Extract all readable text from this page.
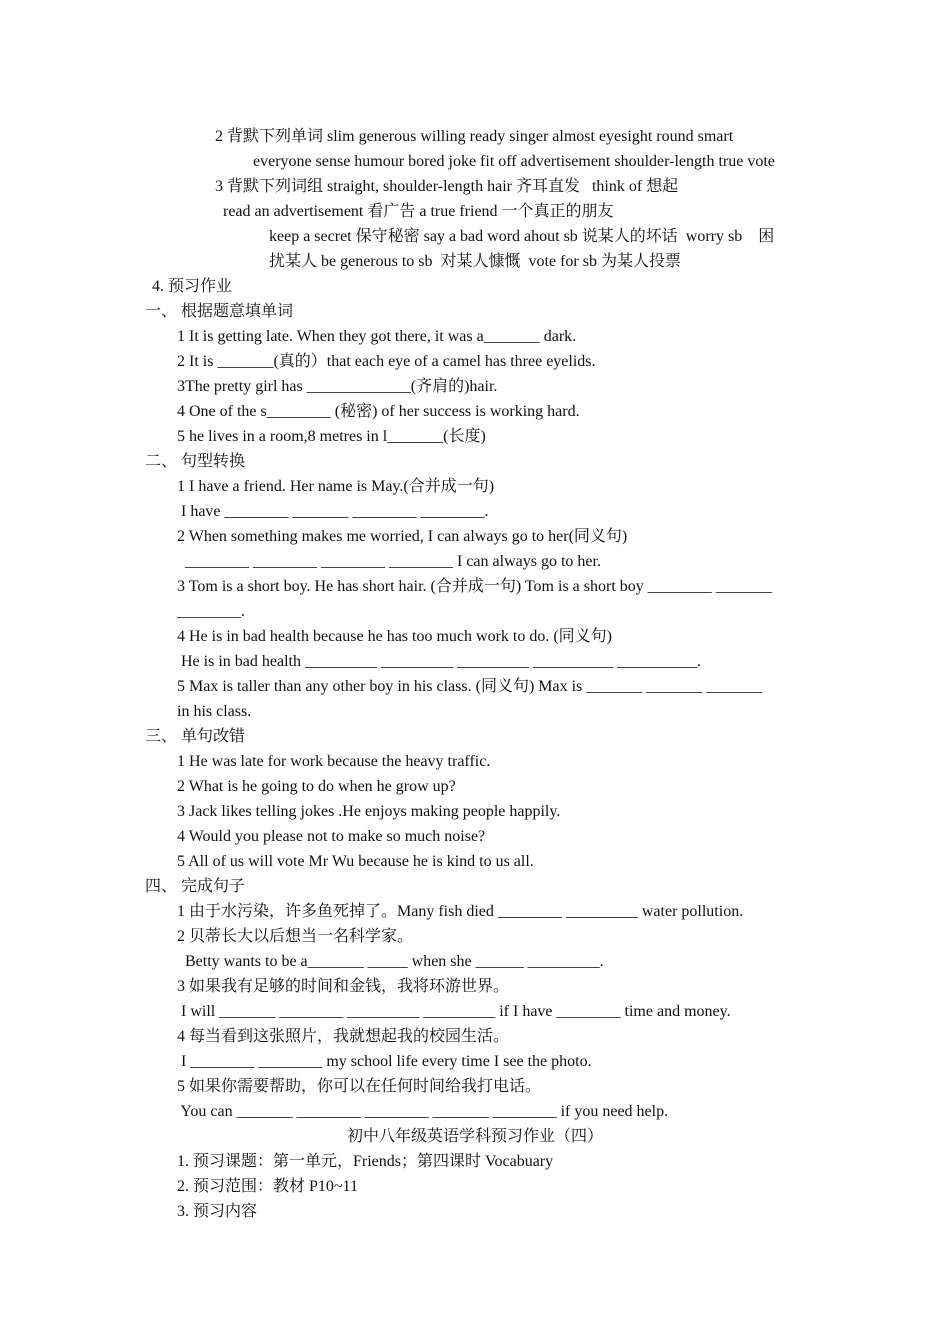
2 背默下列单词 slim generous willing ready singer almost eyesight round smart
everyone sense humour bored joke fit off advertisement shoulder-length true vote
3 背默下列词组 straight, shoulder-length hair 齐耳直发   think of 想起
read an advertisement 看广告 a true friend 一个真正的朋友
keep a secret 保守秘密 say a bad word ahout sb 说某人的坏话  worry sb    困
扰某人 be generous to sb  对某人慷慨  vote for sb 为某人投票
4. 预习作业
一、 根据题意填单词
1 It is getting late. When they got there, it was a_______ dark.
2 It is _______(真的）that each eye of a camel has three eyelids.
3The pretty girl has _____________(齐肩的)hair.
4 One of the s________ (秘密) of her success is working hard.
5 he lives in a room,8 metres in l_______(长度)
二、 句型转换
1 I have a friend. Her name is May.(合并成一句)
I have ________ _______ ________ ________.
2 When something makes me worried, I can always go to her(同义句)
________ ________ ________ ________ I can always go to her.
3 Tom is a short boy. He has short hair. (合并成一句) Tom is a short boy ________ _______
________.
4 He is in bad health because he has too much work to do. (同义句)
He is in bad health _________ _________ _________ __________ __________.
5 Max is taller than any other boy in his class. (同义句) Max is _______ _______ _______
in his class.
三、 单句改错
1 He was late for work because the heavy traffic.
2 What is he going to do when he grow up?
3 Jack likes telling jokes .He enjoys making people happily.
4 Would you please not to make so much noise?
5 All of us will vote Mr Wu because he is kind to us all.
四、 完成句子
1 由于水污染，许多鱼死掉了。Many fish died ________ _________ water pollution.
2 贝蒂长大以后想当一名科学家。
Betty wants to be a_______ _____ when she ______ _________.
3 如果我有足够的时间和金钱，我将环游世界。
I will _______ ________ _________ _________ if I have ________ time and money.
4 每当看到这张照片，我就想起我的校园生活。
I ________ ________ my school life every time I see the photo.
5 如果你需要帮助，你可以在任何时间给我打电话。
You can _______ ________ ________ _______ ________ if you need help.
初中八年级英语学科预习作业（四）
1. 预习课题：第一单元，Friends；第四课时 Vocabuary
2. 预习范围：教材 P10~11
3. 预习内容
